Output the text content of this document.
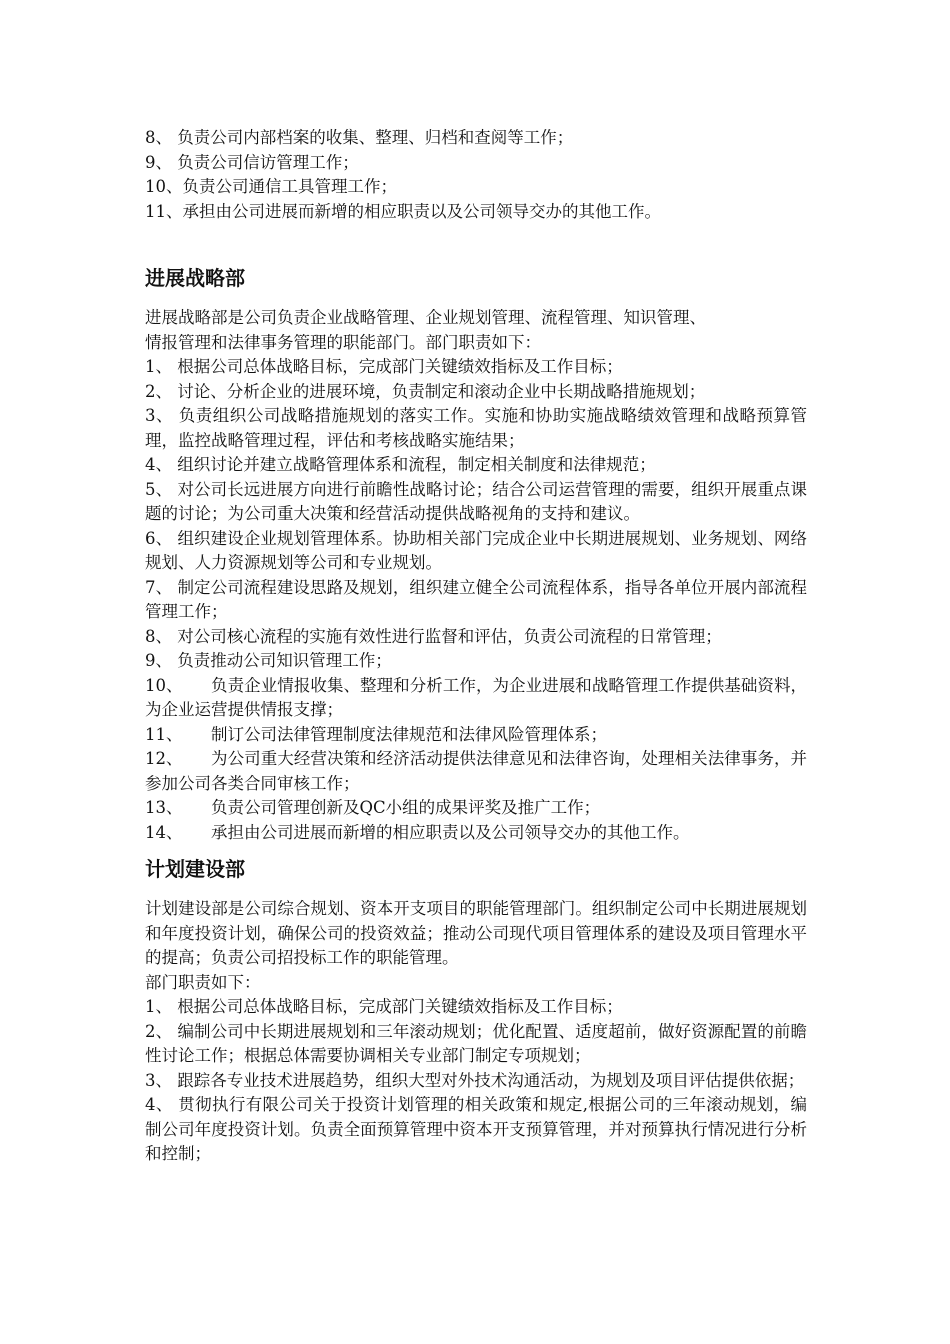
8、 负责公司内部档案的收集、整理、归档和查阅等工作；
9、 负责公司信访管理工作；
10、 负责公司通信工具管理工作；
11、 承担由公司进展而新增的相应职责以及公司领导交办的其他工作。
进展战略部
进展战略部是公司负责企业战略管理、企业规划管理、流程管理、知识管理、
情报管理和法律事务管理的职能部门。部门职责如下：
1、 根据公司总体战略目标，完成部门关键绩效指标及工作目标；
2、 讨论、分析企业的进展环境，负责制定和滚动企业中长期战略措施规划；
3、 负责组织公司战略措施规划的落实工作。实施和协助实施战略绩效管理和战略预算管理，监控战略管理过程，评估和考核战略实施结果；
4、 组织讨论并建立战略管理体系和流程，制定相关制度和法律规范；
5、 对公司长远进展方向进行前瞻性战略讨论；结合公司运营管理的需要，组织开展重点课题的讨论；为公司重大决策和经营活动提供战略视角的支持和建议。
6、 组织建设企业规划管理体系。协助相关部门完成企业中长期进展规划、业务规划、网络规划、人力资源规划等公司和专业规划。
7、 制定公司流程建设思路及规划，组织建立健全公司流程体系，指导各单位开展内部流程管理工作；
8、 对公司核心流程的实施有效性进行监督和评估，负责公司流程的日常管理；
9、 负责推动公司知识管理工作；
10、 负责企业情报收集、整理和分析工作，为企业进展和战略管理工作提供基础资料，为企业运营提供情报支撑；
11、	制订公司法律管理制度法律规范和法律风险管理体系；
12、 为公司重大经营决策和经济活动提供法律意见和法律咨询，处理相关法律事务，并参加公司各类合同审核工作；
13、	负责公司管理创新及QC小组的成果评奖及推广工作；
14、	承担由公司进展而新增的相应职责以及公司领导交办的其他工作。
计划建设部
计划建设部是公司综合规划、资本开支项目的职能管理部门。组织制定公司中长期进展规划和年度投资计划，确保公司的投资效益；推动公司现代项目管理体系的建设及项目管理水平的提高；负责公司招投标工作的职能管理。
部门职责如下：
1、 根据公司总体战略目标，完成部门关键绩效指标及工作目标；
2、 编制公司中长期进展规划和三年滚动规划；优化配置、适度超前，做好资源配置的前瞻性讨论工作；根据总体需要协调相关专业部门制定专项规划；
3、 跟踪各专业技术进展趋势，组织大型对外技术沟通活动，为规划及项目评估提供依据；
4、 贯彻执行有限公司关于投资计划管理的相关政策和规定,根据公司的三年滚动规划，编制公司年度投资计划。负责全面预算管理中资本开支预算管理，并对预算执行情况进行分析和控制；
